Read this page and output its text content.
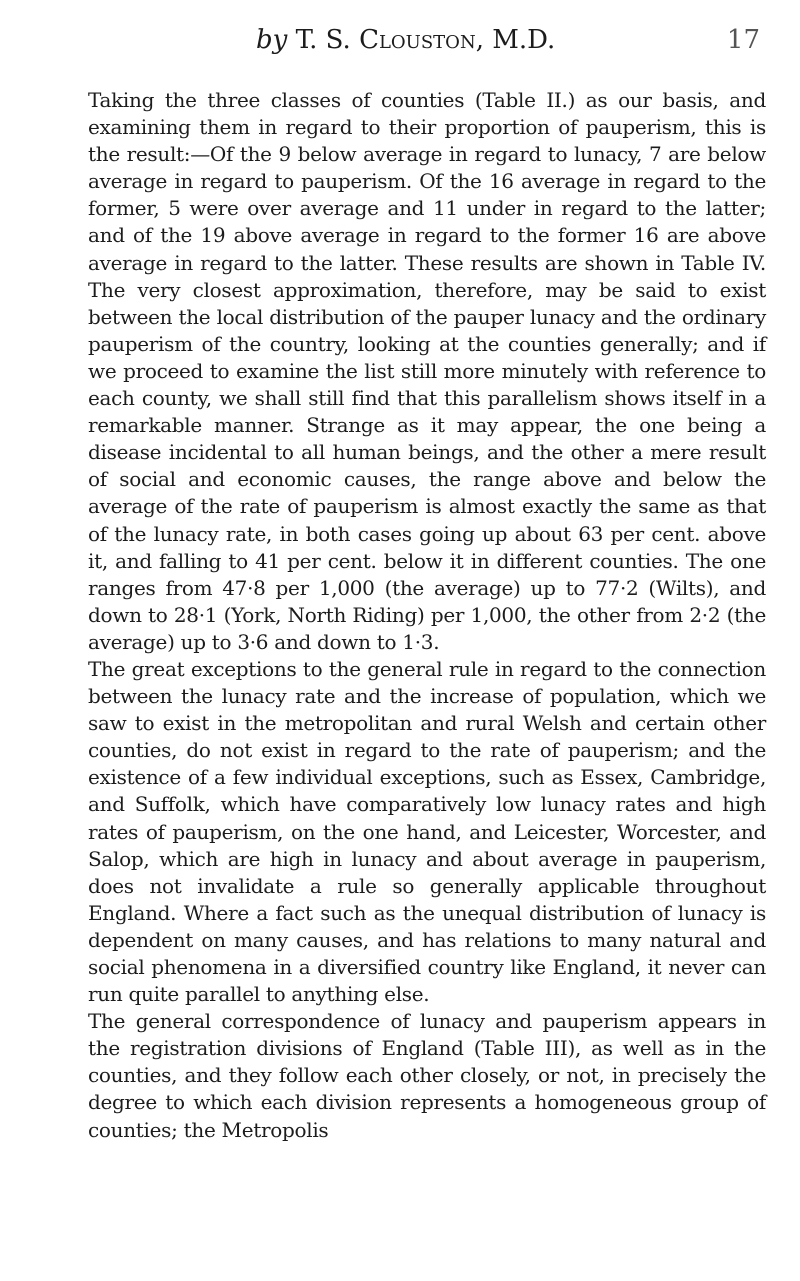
by T. S. Clouston, M.D.	17

Taking the three classes of counties (Table II.) as our basis, and examining them in regard to their proportion of pauperism, this is the result:—Of the 9 below average in regard to lunacy, 7 are below average in regard to pauperism. Of the 16 average in regard to the former, 5 were over average and 11 under in regard to the latter; and of the 19 above average in regard to the former 16 are above average in regard to the latter. These results are shown in Table IV. The very closest approximation, therefore, may be said to exist between the local distribution of the pauper lunacy and the ordinary pauperism of the country, looking at the counties generally; and if we proceed to examine the list still more minutely with reference to each county, we shall still find that this parallelism shows itself in a remarkable manner. Strange as it may appear, the one being a disease incidental to all human beings, and the other a mere result of social and economic causes, the range above and below the average of the rate of pauperism is almost exactly the same as that of the lunacy rate, in both cases going up about 63 per cent. above it, and falling to 41 per cent. below it in different counties. The one ranges from 47·8 per 1,000 (the average) up to 77·2 (Wilts), and down to 28·1 (York, North Riding) per 1,000, the other from 2·2 (the average) up to 3·6 and down to 1·3.

The great exceptions to the general rule in regard to the connection between the lunacy rate and the increase of population, which we saw to exist in the metropolitan and rural Welsh and certain other counties, do not exist in regard to the rate of pauperism; and the existence of a few individual exceptions, such as Essex, Cambridge, and Suffolk, which have comparatively low lunacy rates and high rates of pauperism, on the one hand, and Leicester, Worcester, and Salop, which are high in lunacy and about average in pauperism, does not invalidate a rule so generally applicable throughout England. Where a fact such as the unequal distribution of lunacy is dependent on many causes, and has relations to many natural and social phenomena in a diversified country like England, it never can run quite parallel to anything else.

The general correspondence of lunacy and pauperism appears in the registration divisions of England (Table III), as well as in the counties, and they follow each other closely, or not, in precisely the degree to which each division represents a homogeneous group of counties; the Metropolis
